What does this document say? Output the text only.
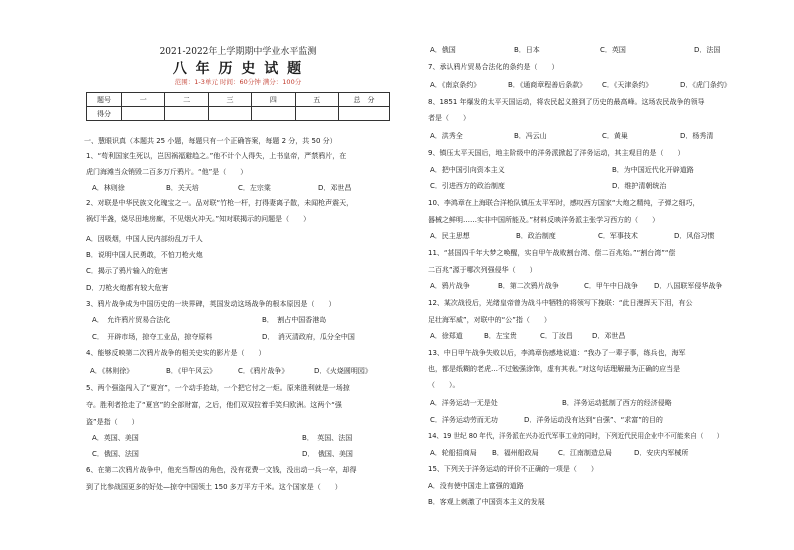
2021-2022年上学期期中学业水平监测
八 年 历 史 试 题
范围：1-3单元 时间：60分钟 满分：100分
题号	一	二	三	四	五	总　分
得分						
一、慧眼识真（本题共 25 小题，每题只有一个正确答案，每题 2 分，共 50 分）
1、“苟利国家生死以，岂因祸福避趋之。”他不计个人得失，上书皇帝，严禁鸦片，在
虎门海滩当众销毁二百多万斤鸦片。“他”是（　　）
A．林则徐	B．关天培	C．左宗棠	D．邓世昌
2、对联是中华民族文化瑰宝之一。品对联“竹枪一杆，打得妻离子散，未闻枪声震天，
祸灯半盏，烧尽田地房廊，不见烟火冲天。”知对联揭示的问题是（　　）
A．因吸烟，中国人民内部纷乱万千人
B．说明中国人民勇敢，不怕刀枪火炮
C．揭示了鸦片输入的危害
D．刀枪火炮都有较大危害
3、鸦片战争成为中国历史的一块界碑，英国发动这场战争的根本原因是（　　）
A．　允许鸦片贸易合法化	B．　割占中国香港岛
C．　开辟市场，掠夺工业品，掠夺原料	D．　消灭清政府，瓜分全中国
4、能够反映第二次鸦片战争的相关史实的影片是（　　）
A．《林则徐》	B．《甲午风云》	C．《鸦片战争》	D．《火烧圆明园》
5、两个强盗闯入了“夏宫”，一个动手抢劫，一个把它付之一炬。原来胜利就是一场掠
夺。胜利者抢走了“夏宫”的全部财富，之后，他们双双拉着手笑归欧洲。这两个“强
盗”是指（　　）
A．英国、美国	B．　英国、法国
C．俄国、法国	D．　俄国、美国
6、在第二次鸦片战争中，他充当帮凶的角色，没有花费一文钱，没出动一兵一卒，却得
到了比参战国更多的好处—掠夺中国领土 150 多万平方千米。这个国家是（　　）
A．俄国	B．日本	C．英国	D．法国
7、承认鸦片贸易合法化的条约是（　　）
A．《南京条约》	B．《通商章程善后条款》 C．《天津条约》	D．《虎门条约》
8、1851 年爆发的太平天国运动，将农民起义推到了历史的最高峰。这场农民战争的领导
者是（　　）
A．洪秀全	B．冯云山	C．黄巢	D．杨秀清
9、镇压太平天国后，地主阶级中的洋务派掀起了洋务运动，其主观目的是（　　）
A．把中国引向资本主义	B．为中国近代化开辟道路
C．引进西方的政治制度	D．维护清朝统治
10、李鸿章在上海联合洋枪队镇压太平军时，感叹西方国家“大炮之精纯，子弹之细巧，
器械之鲜明……实非中国所能及。”材料反映洋务派主张学习西方的（　　）
A．民主思想	B．政治制度	C．军事技术	D．风俗习惯
11、“甚国四千年大梦之唤醒，实自甲午战败割台湾、偿二百兆始。”“割台湾”“偿
二百兆”源于哪次列强侵华（　　）
A．鸦片战争	B．第二次鸦片战争	C．甲午中日战争 D．八国联军侵华战争
12、某次战役后，光绪皇帝曾为战斗中牺牲的将领写下挽联：“此日漫挥天下泪，有公
足壮海军威”，对联中的“公”指（　　）
A．徐郑道	B．左宝贵	C．丁汝昌	D．邓世昌
13、中日甲午战争失败以后，李鸿章伤感地说道：“我办了一辈子事，练兵也，海军
也，都是纸糊的老虎…不过勉强涂饰，虚有其表。”对这句话理解最为正确的应当是
（　　）。
A．洋务运动一无是处	B．洋务运动抵制了西方的经济侵略
C．洋务运动劳而无功	D．洋务运动没有达到“自强”、“求富”的目的
14、19 世纪 80 年代，洋务派在兴办近代军事工业的同时，下列近代民用企业中不可能来自（　　）
A．轮船招商局 B．福州船政局	C．江南制造总局	D．安庆内军械所
15、下列关于洋务运动的评价不正确的一项是（　　）
A．没有使中国走上富强的道路
B．客观上刺激了中国资本主义的发展
